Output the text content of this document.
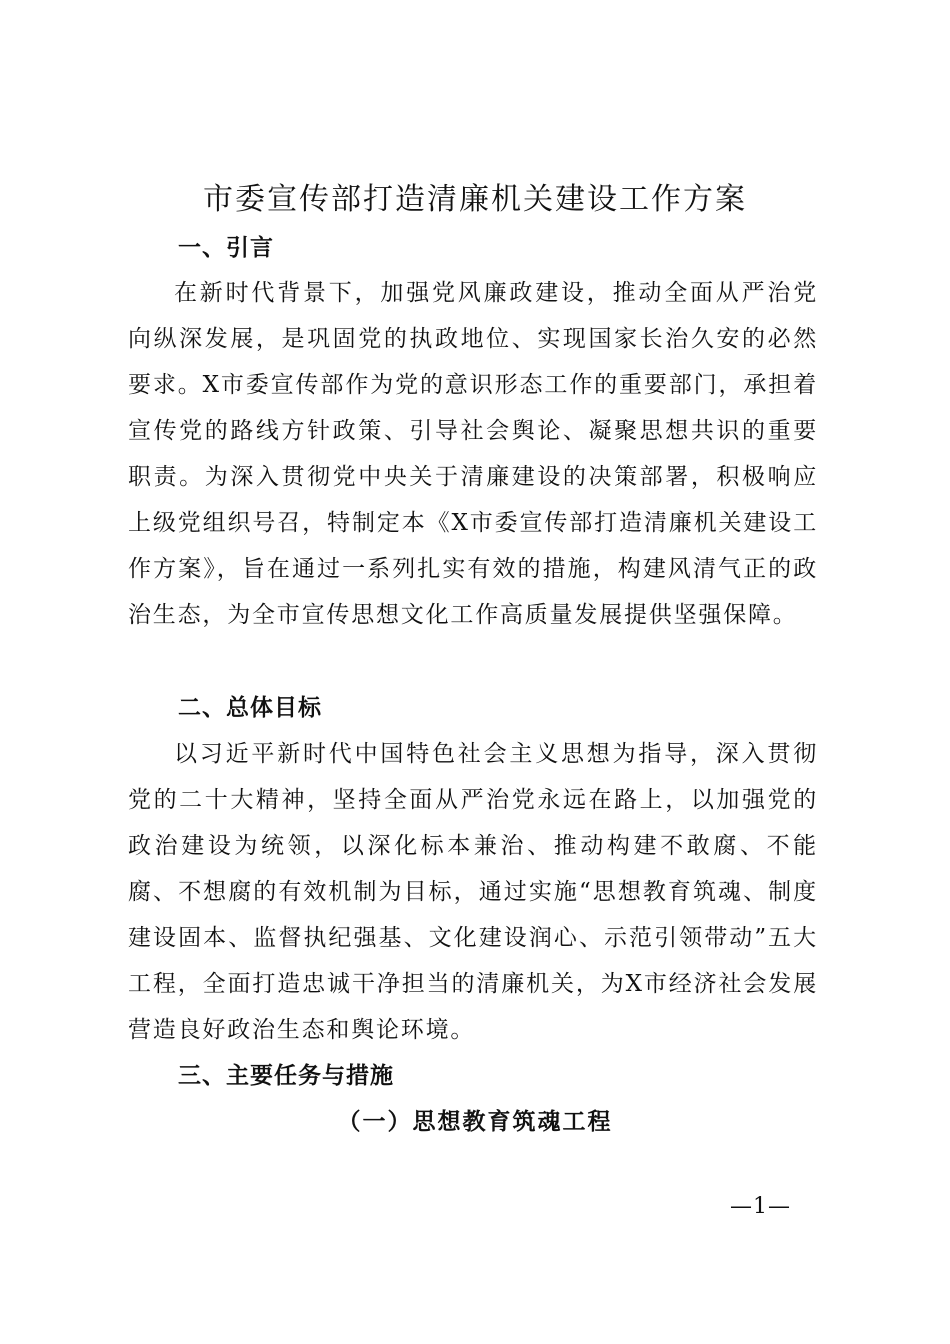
市委宣传部打造清廉机关建设工作方案
一、引言

在新时代背景下，加强党风廉政建设，推动全面从严治党向纵深发展，是巩固党的执政地位、实现国家长治久安的必然要求。X市委宣传部作为党的意识形态工作的重要部门，承担着宣传党的路线方针政策、引导社会舆论、凝聚思想共识的重要职责。为深入贯彻党中央关于清廉建设的决策部署，积极响应上级党组织号召，特制定本《X市委宣传部打造清廉机关建设工作方案》，旨在通过一系列扎实有效的措施，构建风清气正的政治生态，为全市宣传思想文化工作高质量发展提供坚强保障。

二、总体目标

以习近平新时代中国特色社会主义思想为指导，深入贯彻党的二十大精神，坚持全面从严治党永远在路上，以加强党的政治建设为统领，以深化标本兼治、推动构建不敢腐、不能腐、不想腐的有效机制为目标，通过实施“思想教育筑魂、制度建设固本、监督执纪强基、文化建设润心、示范引领带动”五大工程，全面打造忠诚干净担当的清廉机关，为X市经济社会发展营造良好政治生态和舆论环境。

三、主要任务与措施
（一）思想教育筑魂工程
—1—
